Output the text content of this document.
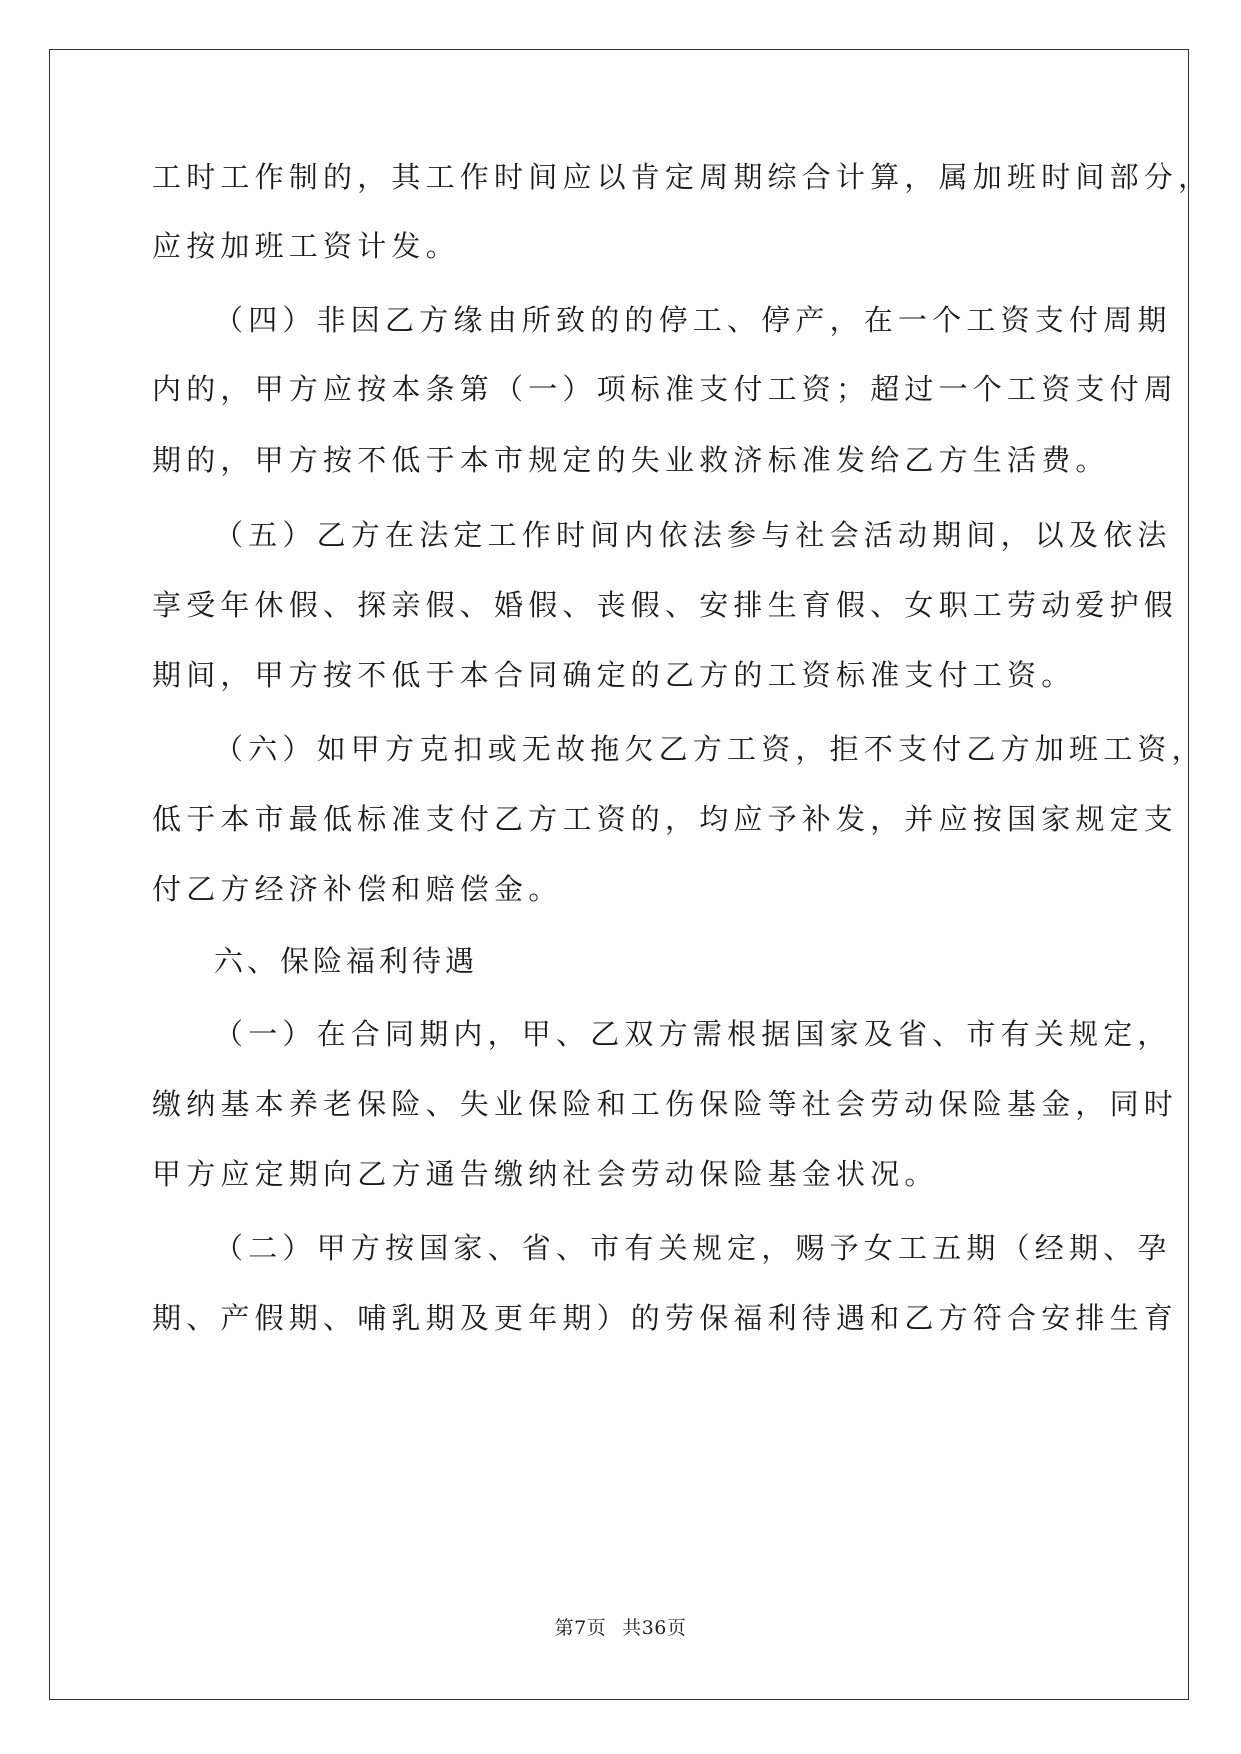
工时工作制的，其工作时间应以肯定周期综合计算，属加班时间部分，
应按加班工资计发。
（四）非因乙方缘由所致的的停工、停产，在一个工资支付周期
内的，甲方应按本条第（一）项标准支付工资；超过一个工资支付周
期的，甲方按不低于本市规定的失业救济标准发给乙方生活费。
（五）乙方在法定工作时间内依法参与社会活动期间，以及依法
享受年休假、探亲假、婚假、丧假、安排生育假、女职工劳动爱护假
期间，甲方按不低于本合同确定的乙方的工资标准支付工资。
（六）如甲方克扣或无故拖欠乙方工资，拒不支付乙方加班工资，
低于本市最低标准支付乙方工资的，均应予补发，并应按国家规定支
付乙方经济补偿和赔偿金。
六、保险福利待遇
（一）在合同期内，甲、乙双方需根据国家及省、市有关规定，
缴纳基本养老保险、失业保险和工伤保险等社会劳动保险基金，同时
甲方应定期向乙方通告缴纳社会劳动保险基金状况。
（二）甲方按国家、省、市有关规定，赐予女工五期（经期、孕
期、产假期、哺乳期及更年期）的劳保福利待遇和乙方符合安排生育
第7页 共36页
